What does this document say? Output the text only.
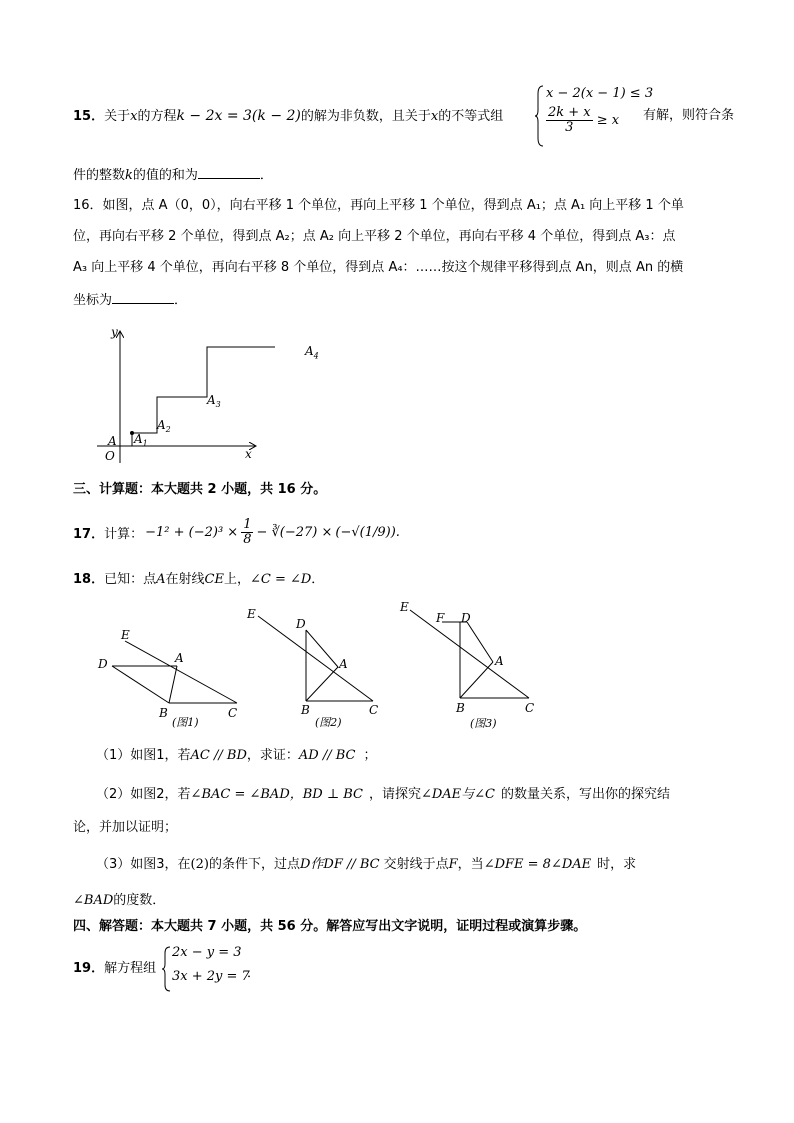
15．关于x的方程k − 2x = 3(k − 2)的解为非负数，且关于x的不等式组
x − 2(x − 1) ≤ 3
$\frac{2k + x}{3} \ge x$ 有解，则符合条
件的整数k的值的和为	．
16．如图，点 A（0，0），向右平移 1 个单位，再向上平移 1 个单位，得到点 A₁；点 A₁ 向上平移 1 个单
位，再向右平移 2 个单位，得到点 A₂；点 A₂ 向上平移 2 个单位，再向右平移 4 个单位，得到点 A₃：点
A₃ 向上平移 4 个单位，再向右平移 8 个单位，得到点 A₄：……按这个规律平移得到点 An，则点 An 的横
坐标为	．
y
x
O
A $A_1$
$A_2$
$A_3$
$A_4$
三、计算题：本大题共 2 小题，共 16 分。
17． 计算： $-1^2 + (-2)^3 \times \frac{1}{8}$ − ∛(−27) × (−√(1/9)).
18．已知：点A在射线CE上，∠C = ∠D．
E
D	A
B	C
(图1)
E
D
A
B	C
(图2)
E
F D
A
B	C
(图3)
（1）如图1，若AC // BD，求证：AD // BC ；
（2）如图2，若∠BAC = ∠BAD，BD ⊥ BC ，请探究∠DAE与∠C 的数量关系，写出你的探究结
论，并加以证明；
（3）如图3，在(2)的条件下，过点D作DF // BC 交射线于点F，当∠DFE = 8∠DAE 时，求
∠BAD的度数．
四、解答题：本大题共 7 小题，共 56 分。解答应写出文字说明，证明过程或演算步骤。
19．解方程组
2x − y = 3
3x + 2y = 7
．
